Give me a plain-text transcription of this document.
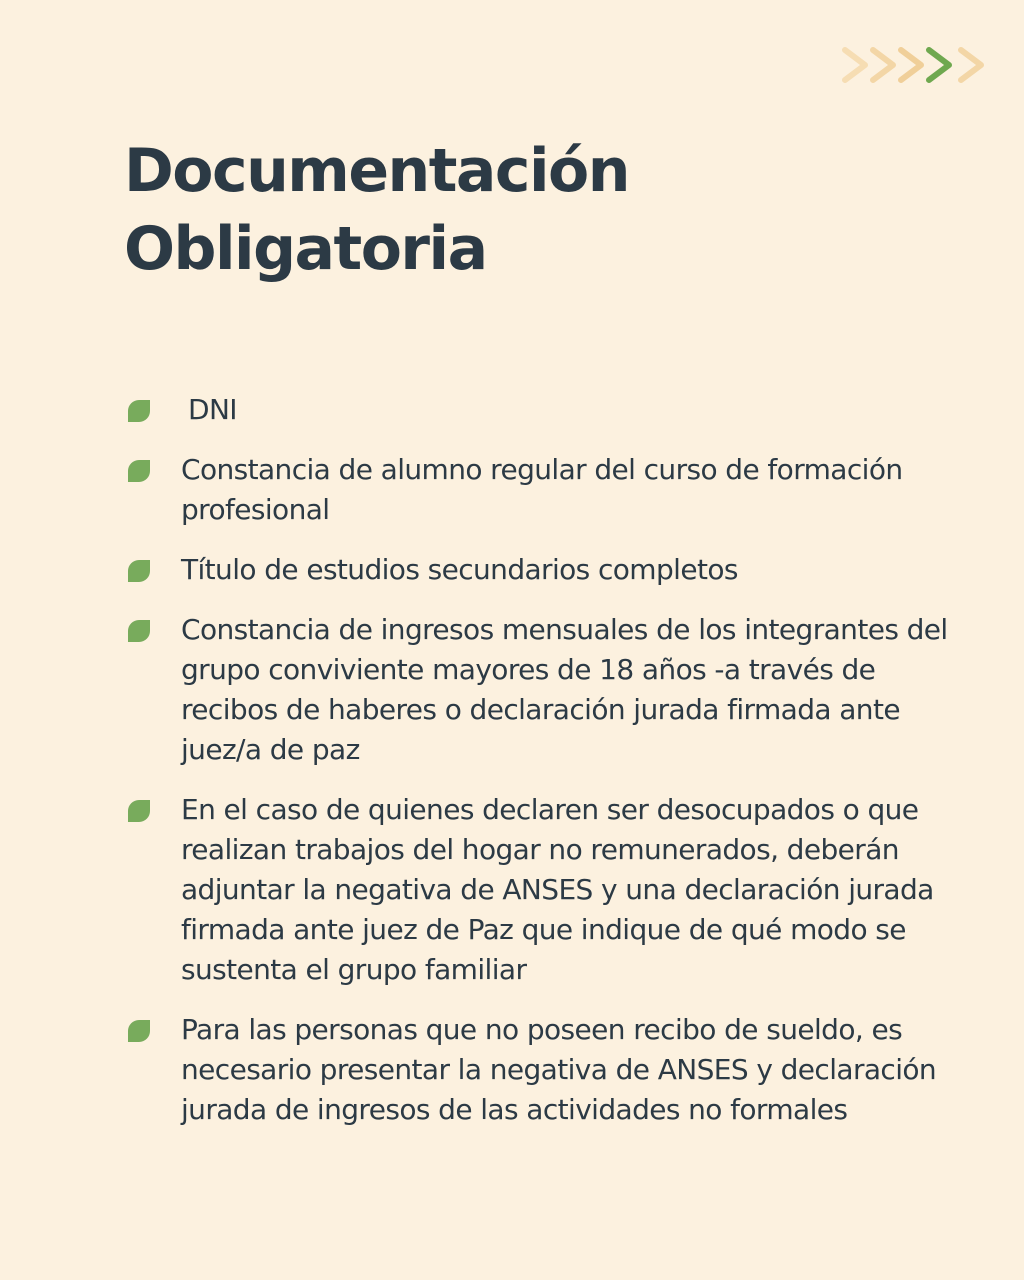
Documentación
Obligatoria
DNI
Constancia de alumno regular del curso de formación profesional
Título de estudios secundarios completos
Constancia de ingresos mensuales de los integrantes del grupo conviviente mayores de 18 años -a través de recibos de haberes o declaración jurada firmada ante juez/a de paz
En el caso de quienes declaren ser desocupados o que realizan trabajos del hogar no remunerados, deberán adjuntar la negativa de ANSES y una declaración jurada firmada ante juez de Paz que indique de qué modo se sustenta el grupo familiar
Para las personas que no poseen recibo de sueldo, es necesario presentar la negativa de ANSES y declaración jurada de ingresos de las actividades no formales
